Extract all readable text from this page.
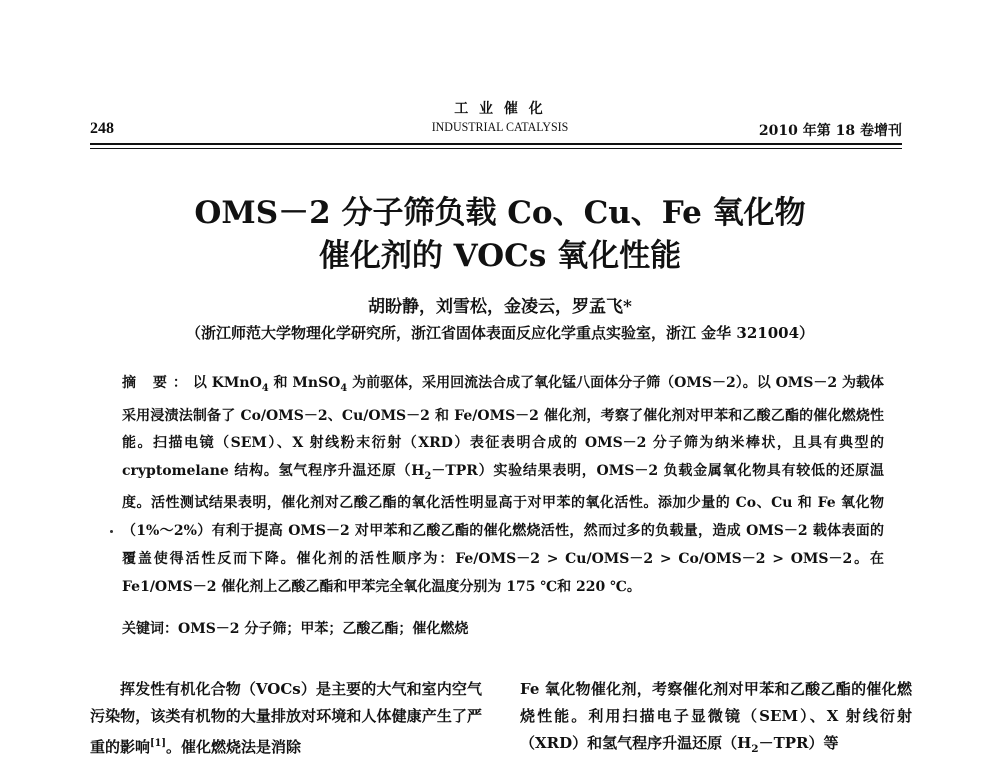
248
工 业 催 化
INDUSTRIAL CATALYSIS	2010 年第 18 卷增刊
OMS－2 分子筛负载 Co、Cu、Fe 氧化物
催化剂的 VOCs 氧化性能
胡盼静，刘雪松，金凌云，罗孟飞*
（浙江师范大学物理化学研究所，浙江省固体表面反应化学重点实验室，浙江 金华 321004）
摘 要：以 KMnO$_4$ 和 MnSO$_4$ 为前驱体，采用回流法合成了氧化锰八面体分子筛（OMS－2）。以 OMS－2 为载体采用浸渍法制备了 Co/OMS－2、Cu/OMS－2 和 Fe/OMS－2 催化剂，考察了催化剂对甲苯和乙酸乙酯的催化燃烧性能。扫描电镜（SEM）、X 射线粉末衍射（XRD）表征表明合成的 OMS－2 分子筛为纳米棒状，且具有典型的 cryptomelane 结构。氢气程序升温还原$(H_2-TPR)$实验结果表明，OMS－2 负载金属氧化物具有较低的还原温度。活性测试结果表明，催化剂对乙酸乙酯的氧化活性明显高于对甲苯的氧化活性。添加少量的 Co、Cu 和 Fe 氧化物（1%～2%）有利于提高 OMS－2 对甲苯和乙酸乙酯的催化燃烧活性，然而过多的负载量，造成 OMS－2 载体表面的覆盖使得活性反而下降。催化剂的活性顺序为：Fe/OMS－2 > Cu/OMS－2 > Co/OMS－2 > OMS－2。在 Fe1/OMS－2 催化剂上乙酸乙酯和甲苯完全氧化温度分别为 175 ℃和 220 ℃。
关键词：OMS－2 分子筛；甲苯；乙酸乙酯；催化燃烧
挥发性有机化合物（VOCs）是主要的大气和室内空气污染物，该类有机物的大量排放对环境和人体健康产生了严重的影响[1]。催化燃烧法是消除
Fe 氧化物催化剂，考察催化剂对甲苯和乙酸乙酯的催化燃烧性能。利用扫描电子显微镜（SEM）、X 射线衍射（XRD）和氢气程序升温还原$(H_2-TPR)$等
